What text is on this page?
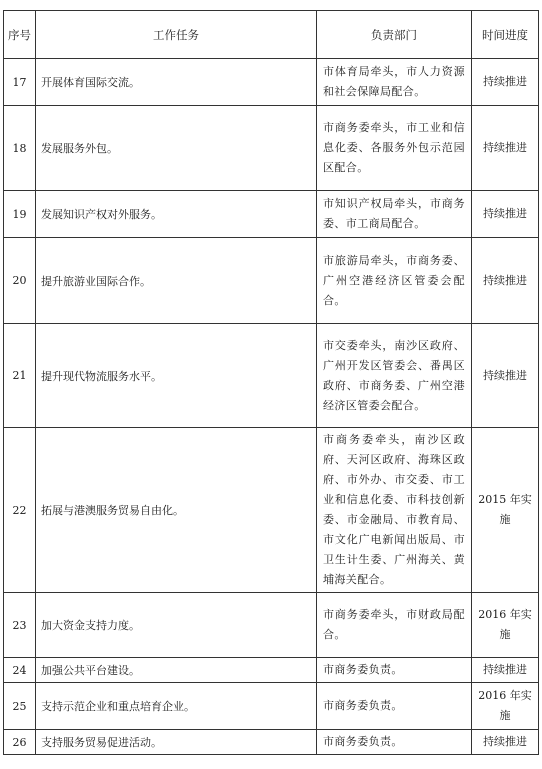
序号	工作任务	负责部门	时间进度
17	开展体育国际交流。	市体育局牵头，市人力资源和社会保障局配合。	持续推进
18	发展服务外包。	市商务委牵头，市工业和信息化委、各服务外包示范园区配合。	持续推进
19	发展知识产权对外服务。	市知识产权局牵头，市商务委、市工商局配合。	持续推进
20	提升旅游业国际合作。	市旅游局牵头，市商务委、广州空港经济区管委会配合。	持续推进
21	提升现代物流服务水平。	市交委牵头，南沙区政府、广州开发区管委会、番禺区政府、市商务委、广州空港经济区管委会配合。	持续推进
22	拓展与港澳服务贸易自由化。	市商务委牵头，南沙区政府、天河区政府、海珠区政府、市外办、市交委、市工业和信息化委、市科技创新委、市金融局、市教育局、市文化广电新闻出版局、市卫生计生委、广州海关、黄埔海关配合。	2015 年实施
23	加大资金支持力度。	市商务委牵头，市财政局配合。	2016 年实施
24	加强公共平台建设。	市商务委负责。	持续推进
25	支持示范企业和重点培育企业。	市商务委负责。	2016 年实施
26	支持服务贸易促进活动。	市商务委负责。	持续推进
